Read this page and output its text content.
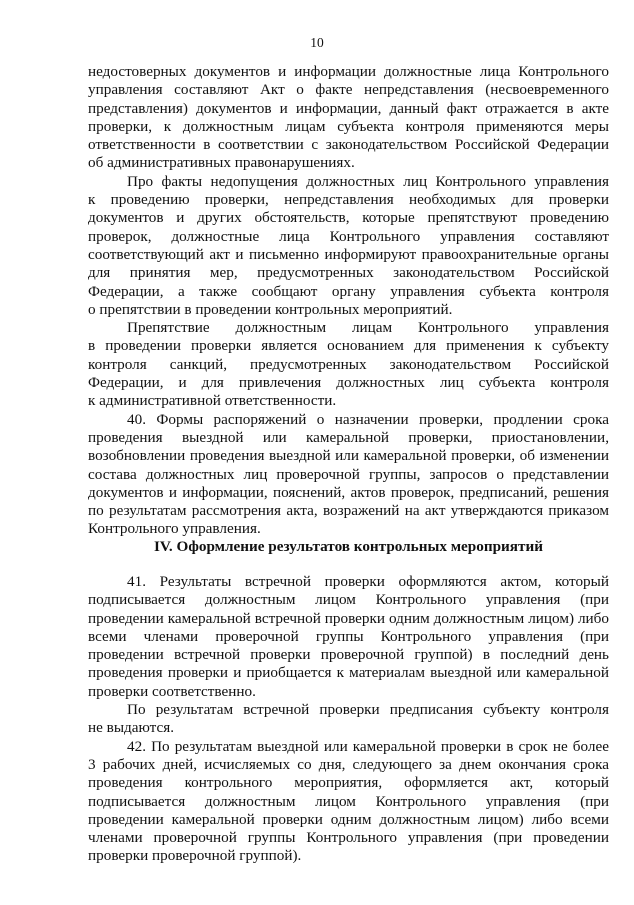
10
недостоверных документов и информации должностные лица Контрольного
управления составляют Акт о факте непредставления (несвоевременного
представления) документов и информации, данный факт отражается в акте
проверки, к должностным лицам субъекта контроля применяются меры
ответственности в соответствии с законодательством Российской Федерации
об административных правонарушениях.
Про факты недопущения должностных лиц Контрольного управления
к проведению проверки, непредставления необходимых для проверки
документов и других обстоятельств, которые препятствуют проведению
проверок, должностные лица Контрольного управления составляют
соответствующий акт и письменно информируют правоохранительные органы
для принятия мер, предусмотренных законодательством Российской
Федерации, а также сообщают органу управления субъекта контроля
о препятствии в проведении контрольных мероприятий.
Препятствие должностным лицам Контрольного управления
в проведении проверки является основанием для применения к субъекту
контроля санкций, предусмотренных законодательством Российской
Федерации, и для привлечения должностных лиц субъекта контроля
к административной ответственности.
40. Формы распоряжений о назначении проверки, продлении срока
проведения выездной или камеральной проверки, приостановлении,
возобновлении проведения выездной или камеральной проверки, об изменении
состава должностных лиц проверочной группы, запросов о представлении
документов и информации, пояснений, актов проверок, предписаний, решения
по результатам рассмотрения акта, возражений на акт утверждаются приказом
Контрольного управления.
IV. Оформление результатов контрольных мероприятий
41. Результаты встречной проверки оформляются актом, который
подписывается должностным лицом Контрольного управления (при
проведении камеральной встречной проверки одним должностным лицом) либо
всеми членами проверочной группы Контрольного управления (при
проведении встречной проверки проверочной группой) в последний день
проведения проверки и приобщается к материалам выездной или камеральной
проверки соответственно.
По результатам встречной проверки предписания субъекту контроля
не выдаются.
42. По результатам выездной или камеральной проверки в срок не более
3 рабочих дней, исчисляемых со дня, следующего за днем окончания срока
проведения контрольного мероприятия, оформляется акт, который
подписывается должностным лицом Контрольного управления (при
проведении камеральной проверки одним должностным лицом) либо всеми
членами проверочной группы Контрольного управления (при проведении
проверки проверочной группой).
